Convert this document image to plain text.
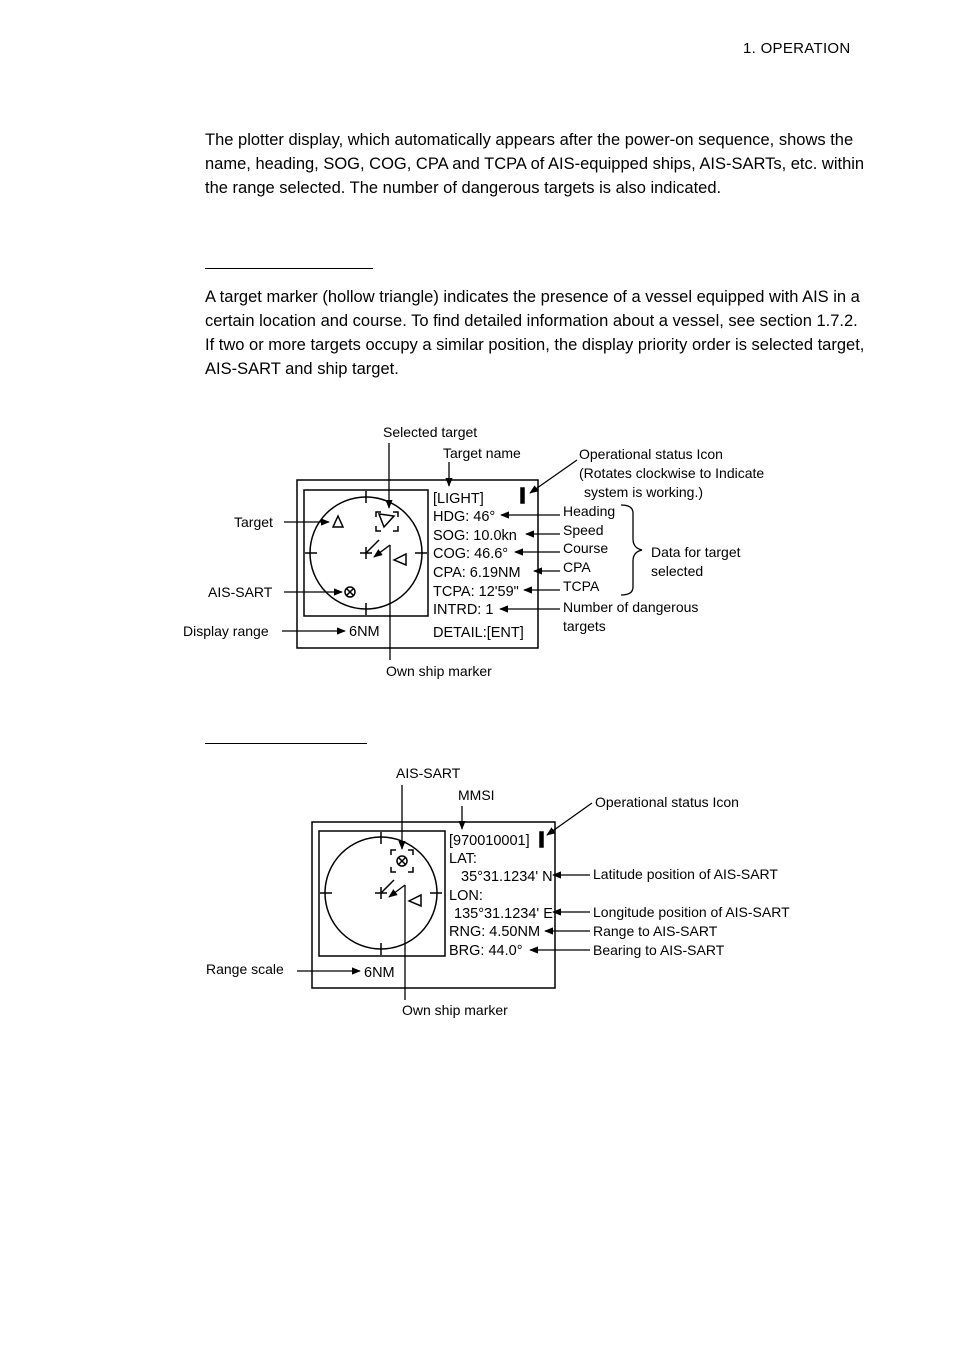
1. OPERATION

The plotter display, which automatically appears after the power-on sequence, shows the name, heading, SOG, COG, CPA and TCPA of AIS-equipped ships, AIS-SARTs, etc. within the range selected. The number of dangerous targets is also indicated.

A target marker (hollow triangle) indicates the presence of a vessel equipped with AIS in a certain location and course. To find detailed information about a vessel, see section 1.7.2.

If two or more targets occupy a similar position, the display priority order is selected target, AIS-SART and ship target.

[LIGHT]
HDG: 46°
SOG: 10.0kn
COG: 46.6°
CPA: 6.19NM
TCPA: 12'59"
INTRD: 1
DETAIL:[ENT]
6NM
Selected target
Target name	Operational status Icon
(Rotates clockwise to Indicate
system is working.)
Heading
Speed
Course
CPA
TCPA
Data for target
selected
Number of dangerous
targets
Target
AIS-SART
Display range
Own ship marker
[970010001]
LAT:
35°31.1234' N
LON:
135°31.1234' E
RNG: 4.50NM
BRG: 44.0°
6NM
AIS-SART
MMSI	Operational status Icon
Latitude position of AIS-SART
Longitude position of AIS-SART
Range to AIS-SART
Bearing to AIS-SART
Range scale
Own ship marker
